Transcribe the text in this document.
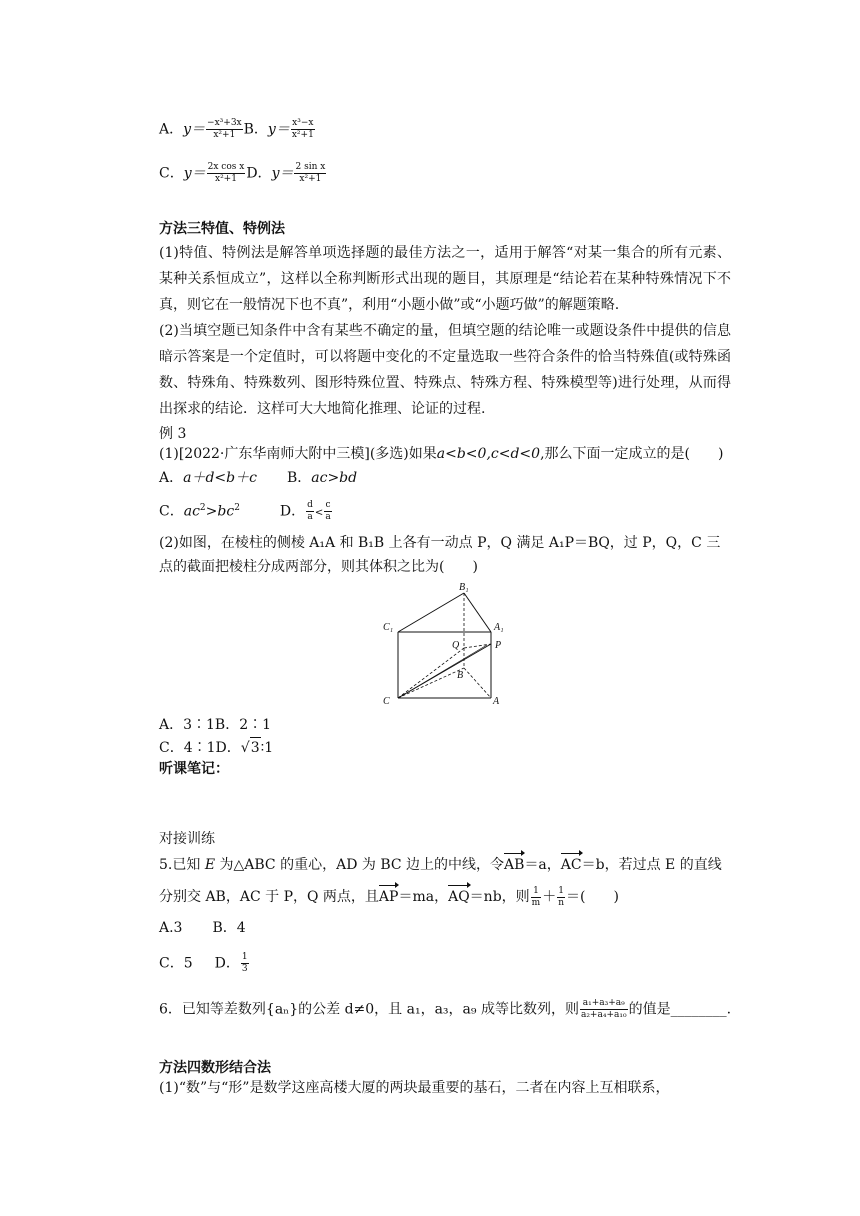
A．$y= \frac{\text{−x³+3x}}{\text{x²+1}}$ B．$y= \frac{\text{x³−x}}{\text{x²+1}}$
C．$y= \frac{\text{2x cos x}}{\text{x²+1}}$ D．$y= \frac{\text{2 sin x}}{\text{x²+1}}$
方法三特值、特例法
(1)特值、特例法是解答单项选择题的最佳方法之一，适用于解答“对某一集合的所有元素、某种关系恒成立”，这样以全称判断形式出现的题目，其原理是“结论若在某种特殊情况下不真，则它在一般情况下也不真”，利用“小题小做”或“小题巧做”的解题策略.
(2)当填空题已知条件中含有某些不确定的量，但填空题的结论唯一或题设条件中提供的信息暗示答案是一个定值时，可以将题中变化的不定量选取一些符合条件的恰当特殊值(或特殊函数、特殊角、特殊数列、图形特殊位置、特殊点、特殊方程、特殊模型等)进行处理，从而得出探求的结论．这样可大大地简化推理、论证的过程.
例 3
(1)[2022·广东华南师大附中三模](多选)如果a<b<0,c<d<0,那么下面一定成立的是(　　)
A．a＋d<b＋c B．ac>bd
C．$ac^2>bc^2$	D． $\frac{d}{a} < \frac{c}{a}$
(2)如图，在棱柱的侧棱 A₁A 和 B₁B 上各有一动点 P，Q 满足 A₁P＝BQ，过 P，Q，C 三
点的截面把棱柱分成两部分，则其体积之比为(　　)
B₁
C₁	A₁
Q	P
B
C	A
A．3∶1B．2∶1
C．4∶1D．√3∶1
听课笔记：
对接训练
5.已知 E 为△ABC 的重心，AD 为 BC 边上的中线，令AB＝a，AC＝b，若过点 E 的直线
分别交 AB，AC 于 P，Q 两点，且AP＝ma，AQ＝nb，则 $\frac{1}{m} + \frac{1}{n}$ ＝(　　)
A.3 B．4
C．5 D． $\frac{1}{3}$
6．已知等差数列{aₙ}的公差 d≠0，且 a₁，a₃，a₉ 成等比数列，则 $\frac{\text{a₁+a₃+a₉}}{\text{a₂+a₄+a₁₀}}$ 的值是________.
方法四数形结合法
(1)“数”与“形”是数学这座高楼大厦的两块最重要的基石，二者在内容上互相联系，
